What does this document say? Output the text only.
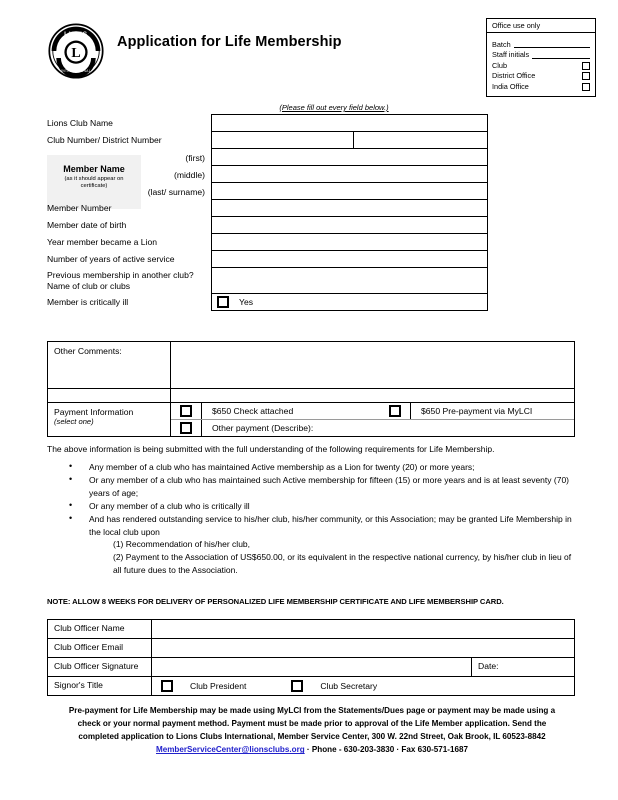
L
LIONS
INTERNATIONAL
Application for Life Membership
Office use only
Batch
Staff initials
Club
District Office
India Office
(Please fill out every field below.)
Member Name
(as it should appear on certificate)
Lions Club Name
Club Number/ District Number
(first)
(middle)
(last/ surname)
Member Number
Member date of birth
Year member became a Lion
Number of years of active service
Previous membership in another club? Name of club or clubs
Member is critically ill	Yes
Other Comments:
Payment Information
(select one)
$650 Check attached	$650 Pre-payment via MyLCI
Other payment (Describe):
The above information is being submitted with the full understanding of the following requirements for Life Membership.
• Any member of a club who has maintained Active membership as a Lion for twenty (20) or more years;
• Or any member of a club who has maintained such Active membership for fifteen (15) or more years and is at least seventy (70) years of age;
• Or any member of a club who is critically ill
• And has rendered outstanding service to his/her club, his/her community, or this Association; may be granted Life Membership in the local club upon
(1) Recommendation of his/her club,
(2) Payment to the Association of US$650.00, or its equivalent in the respective national currency, by his/her club in lieu of all future dues to the Association.
NOTE: ALLOW 8 WEEKS FOR DELIVERY OF PERSONALIZED LIFE MEMBERSHIP CERTIFICATE AND LIFE MEMBERSHIP CARD.
Club Officer Name
Club Officer Email
Club Officer Signature	Date:
Signor's Title	Club President	Club Secretary
Pre-payment for Life Membership may be made using MyLCI from the Statements/Dues page or payment may be made using a
check or your normal payment method. Payment must be made prior to approval of the Life Member application. Send the
completed application to Lions Clubs International, Member Service Center, 300 W. 22nd Street, Oak Brook, IL 60523-8842
MemberServiceCenter@lionsclubs.org · Phone - 630-203-3830 · Fax 630-571-1687
